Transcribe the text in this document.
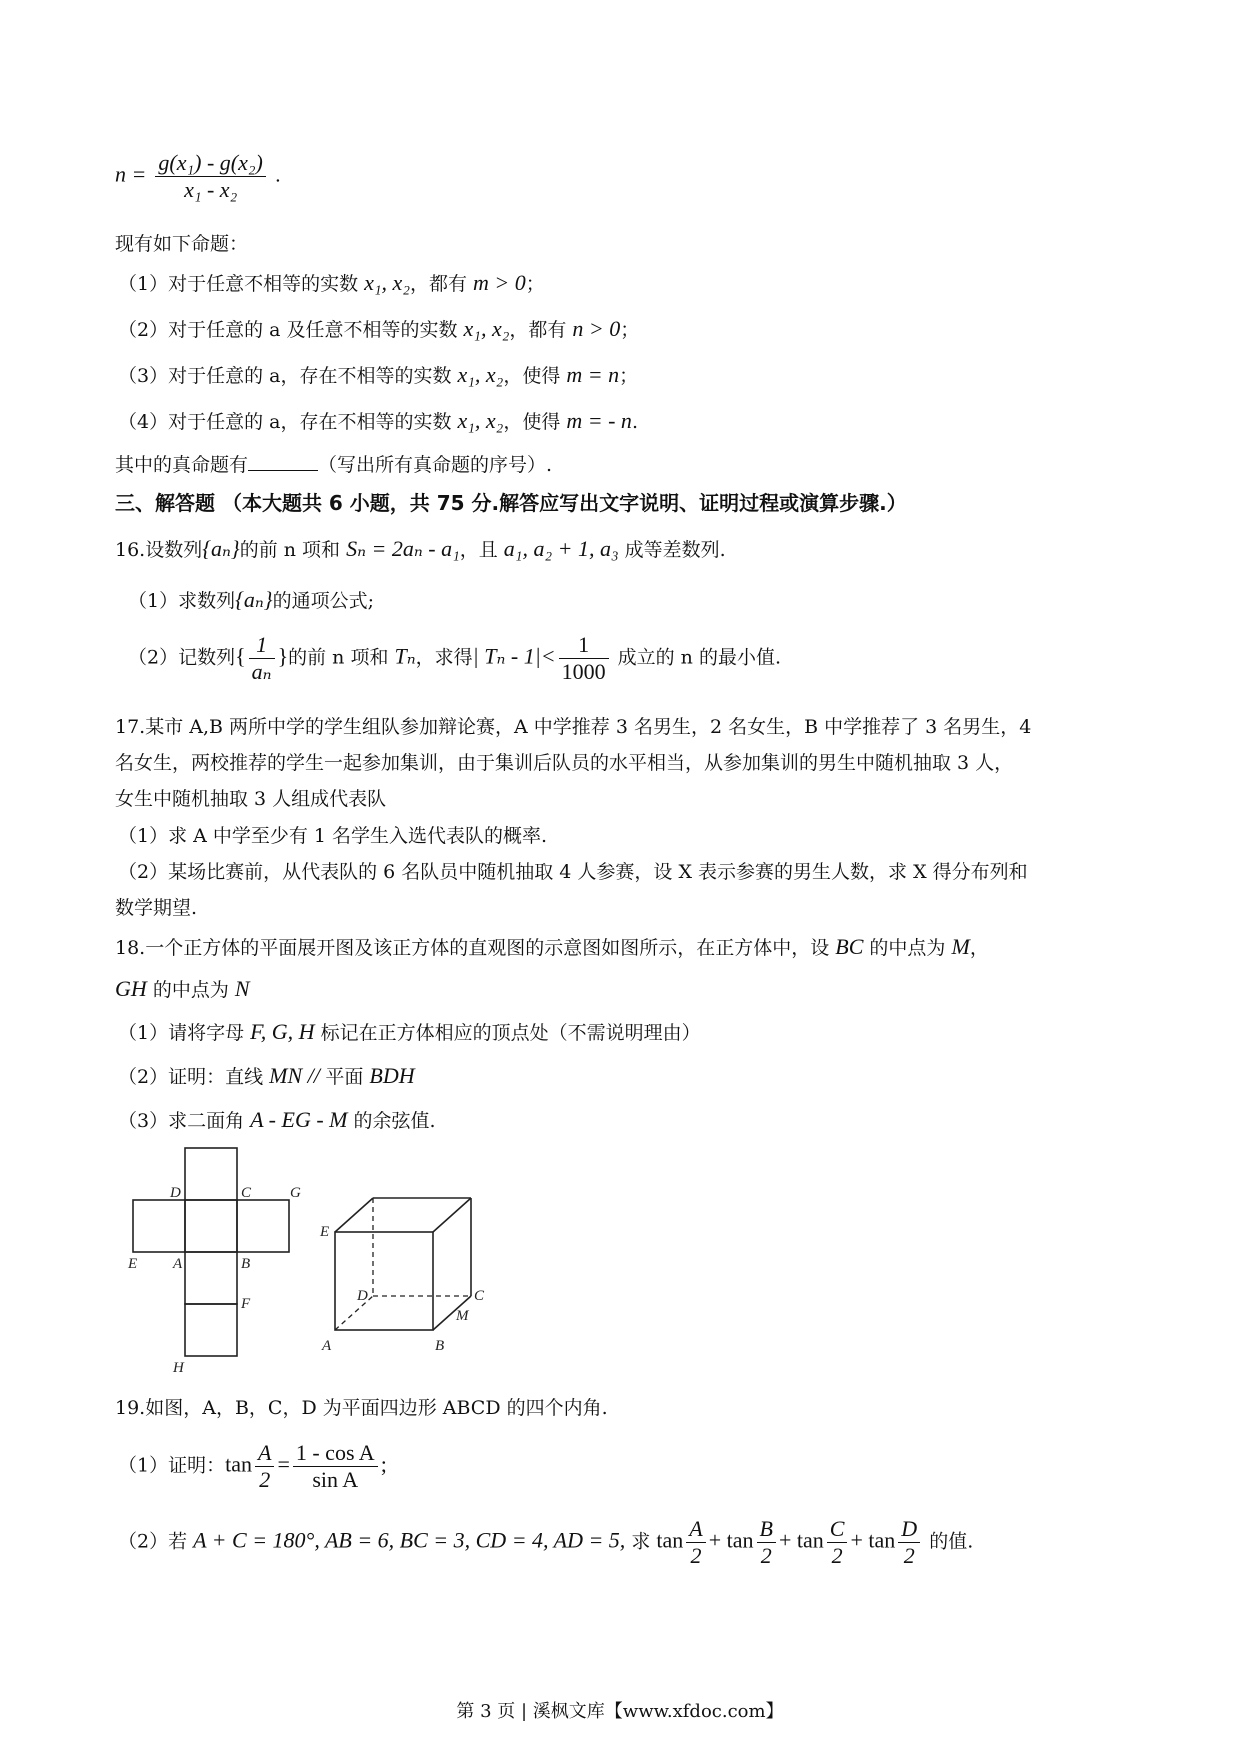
$n = \frac{\text{g(x₁) - g(x₂)}}{\text{x₁ - x₂}}$ .
现有如下命题：
（1）对于任意不相等的实数 x₁, x₂，都有 m > 0；
（2）对于任意的 a 及任意不相等的实数 x₁, x₂，都有 n > 0；
（3）对于任意的 a，存在不相等的实数 x₁, x₂，使得 m = n；
（4）对于任意的 a，存在不相等的实数 x₁, x₂，使得 m = - n.
其中的真命题有	（写出所有真命题的序号）.
三、解答题 （本大题共 6 小题，共 75 分.解答应写出文字说明、证明过程或演算步骤.）
16.设数列{aₙ}的前 n 项和 Sₙ = 2aₙ - a₁，且 a₁, a₂ + 1, a₃ 成等差数列.
（1）求数列{aₙ}的通项公式;
（2）记数列{ $\frac{1}{\text{aₙ}}$ }的前 n 项和 Tₙ，求得| $T_n - 1|< \frac{1}{1000}$ 成立的 n 的最小值.
17.某市 A,B 两所中学的学生组队参加辩论赛，A 中学推荐 3 名男生，2 名女生，B 中学推荐了 3 名男生，4
名女生，两校推荐的学生一起参加集训，由于集训后队员的水平相当，从参加集训的男生中随机抽取 3 人，
女生中随机抽取 3 人组成代表队
（1）求 A 中学至少有 1 名学生入选代表队的概率.
（2）某场比赛前，从代表队的 6 名队员中随机抽取 4 人参赛，设 X 表示参赛的男生人数，求 X 得分布列和
数学期望.
18.一个正方体的平面展开图及该正方体的直观图的示意图如图所示，在正方体中，设 BC 的中点为 M，
GH 的中点为 N
（1）请将字母 F, G, H 标记在正方体相应的顶点处（不需说明理由）
（2）证明：直线 MN // 平面 BDH
（3）求二面角 A - EG - M 的余弦值.
D	C	G
E A	B
F
H
E
D	C
M
A	B
19.如图，A，B，C，D 为平面四边形 ABCD 的四个内角.
（1）证明：$\tan \frac{A}{2} = \frac{\text{1 - cos A}}{\text{sin A}}$ ;
（2）若 A + C = 180°, AB = 6, BC = 3, CD = 4, AD = 5, 求 $\tan \frac{A}{2} + \tan \frac{B}{2} + \tan \frac{C}{2} + \tan \frac{D}{2}$ 的值.
第 3 页 | 溪枫文库【www.xfdoc.com】
